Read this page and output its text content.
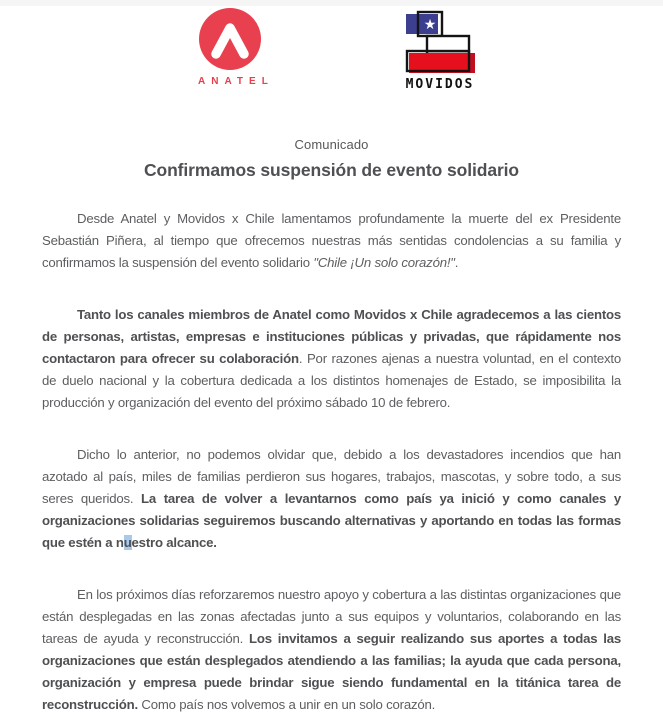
ANATEL
★
MOVIDOS
Comunicado
Confirmamos suspensión de evento solidario

Desde Anatel y Movidos x Chile lamentamos profundamente la muerte del ex Presidente Sebastián Piñera, al tiempo que ofrecemos nuestras más sentidas condolencias a su familia y confirmamos la suspensión del evento solidario "Chile ¡Un solo corazón!".

Tanto los canales miembros de Anatel como Movidos x Chile agradecemos a las cientos de personas, artistas, empresas e instituciones públicas y privadas, que rápidamente nos contactaron para ofrecer su colaboración. Por razones ajenas a nuestra voluntad, en el contexto de duelo nacional y la cobertura dedicada a los distintos homenajes de Estado, se imposibilita la producción y organización del evento del próximo sábado 10 de febrero.

Dicho lo anterior, no podemos olvidar que, debido a los devastadores incendios que han azotado al país, miles de familias perdieron sus hogares, trabajos, mascotas, y sobre todo, a sus seres queridos. La tarea de volver a levantarnos como país ya inició y como canales y organizaciones solidarias seguiremos buscando alternativas y aportando en todas las formas que estén a nuestro alcance.

En los próximos días reforzaremos nuestro apoyo y cobertura a las distintas organizaciones que están desplegadas en las zonas afectadas junto a sus equipos y voluntarios, colaborando en las tareas de ayuda y reconstrucción. Los invitamos a seguir realizando sus aportes a todas las organizaciones que están desplegados atendiendo a las familias; la ayuda que cada persona, organización y empresa puede brindar sigue siendo fundamental en la titánica tarea de reconstrucción. Como país nos volvemos a unir en un solo corazón.
